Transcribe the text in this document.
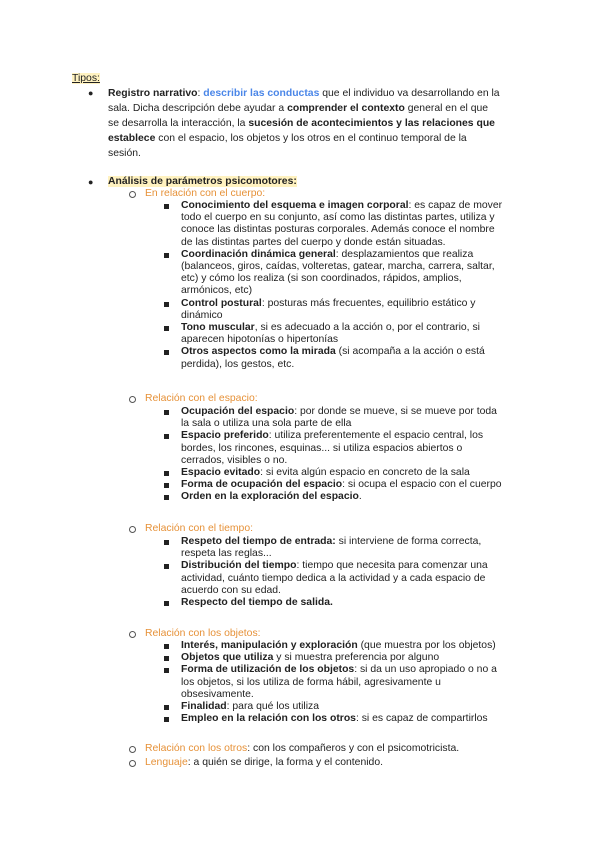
Tipos:
● Registro narrativo: describir las conductas que el individuo va desarrollando en la
sala. Dicha descripción debe ayudar a comprender el contexto general en el que
se desarrolla la interacción, la sucesión de acontecimientos y las relaciones que
establece con el espacio, los objetos y los otros en el continuo temporal de la
sesión.
● Análisis de parámetros psicomotores:
En relación con el cuerpo:
Conocimiento del esquema e imagen corporal: es capaz de mover
todo el cuerpo en su conjunto, así como las distintas partes, utiliza y
conoce las distintas posturas corporales. Además conoce el nombre
de las distintas partes del cuerpo y donde están situadas.
Coordinación dinámica general: desplazamientos que realiza
(balanceos, giros, caídas, volteretas, gatear, marcha, carrera, saltar,
etc) y cómo los realiza (si son coordinados, rápidos, amplios,
armónicos, etc)
Control postural: posturas más frecuentes, equilibrio estático y
dinámico
Tono muscular, si es adecuado a la acción o, por el contrario, si
aparecen hipotonías o hipertonías
Otros aspectos como la mirada (si acompaña a la acción o está
perdida), los gestos, etc.
Relación con el espacio:
Ocupación del espacio: por donde se mueve, si se mueve por toda
la sala o utiliza una sola parte de ella
Espacio preferido: utiliza preferentemente el espacio central, los
bordes, los rincones, esquinas... si utiliza espacios abiertos o
cerrados, visibles o no.
Espacio evitado: si evita algún espacio en concreto de la sala
Forma de ocupación del espacio: si ocupa el espacio con el cuerpo
Orden en la exploración del espacio.
Relación con el tiempo:
Respeto del tiempo de entrada: si interviene de forma correcta,
respeta las reglas...
Distribución del tiempo: tiempo que necesita para comenzar una
actividad, cuánto tiempo dedica a la actividad y a cada espacio de
acuerdo con su edad.
Respecto del tiempo de salida.
Relación con los objetos:
Interés, manipulación y exploración (que muestra por los objetos)
Objetos que utiliza y si muestra preferencia por alguno
Forma de utilización de los objetos: si da un uso apropiado o no a
los objetos, si los utiliza de forma hábil, agresivamente u
obsesivamente.
Finalidad: para qué los utiliza
Empleo en la relación con los otros: si es capaz de compartirlos
Relación con los otros: con los compañeros y con el psicomotricista.
Lenguaje: a quién se dirige, la forma y el contenido.
